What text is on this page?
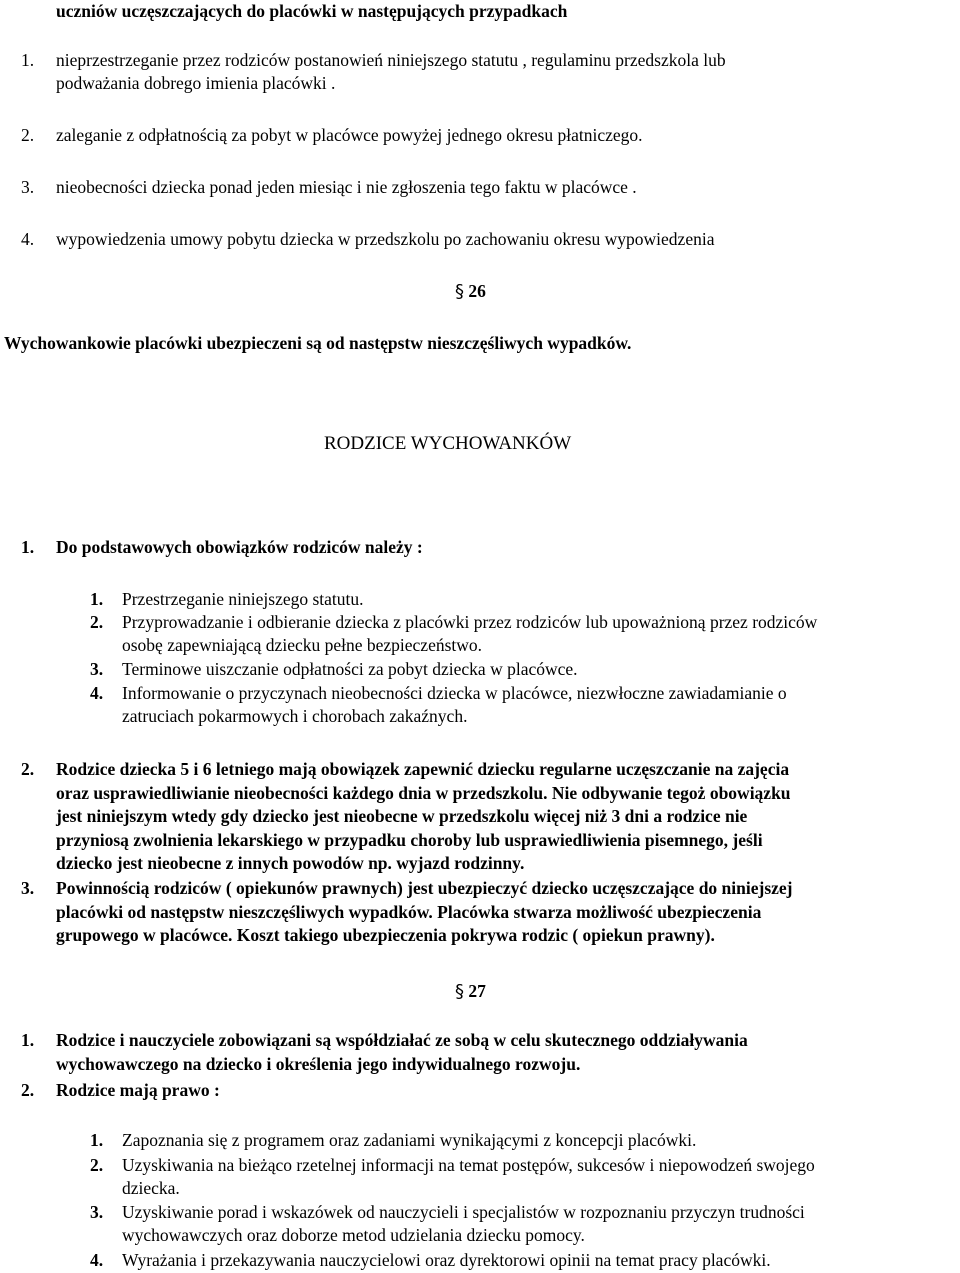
uczniów uczęszczających do placówki w następujących przypadkach
1. nieprzestrzeganie przez rodziców postanowień niniejszego statutu , regulaminu przedszkola lub
podważania dobrego imienia placówki .
2. zaleganie z odpłatnością za pobyt w placówce powyżej jednego okresu płatniczego.
3. nieobecności dziecka ponad jeden miesiąc i nie zgłoszenia tego faktu w placówce .
4. wypowiedzenia umowy pobytu dziecka w przedszkolu po zachowaniu okresu wypowiedzenia
§ 26
Wychowankowie placówki ubezpieczeni są od następstw nieszczęśliwych wypadków.
RODZICE WYCHOWANKÓW
1. Do podstawowych obowiązków rodziców należy :
1. Przestrzeganie niniejszego statutu.
2. Przyprowadzanie i odbieranie dziecka z placówki przez rodziców lub upoważnioną przez rodziców
osobę zapewniającą dziecku pełne bezpieczeństwo.
3. Terminowe uiszczanie odpłatności za pobyt dziecka w placówce.
4. Informowanie o przyczynach nieobecności dziecka w placówce, niezwłoczne zawiadamianie o
zatruciach pokarmowych i chorobach zakaźnych.
2. Rodzice dziecka 5 i 6 letniego mają obowiązek zapewnić dziecku regularne uczęszczanie na zajęcia
oraz usprawiedliwianie nieobecności każdego dnia w przedszkolu. Nie odbywanie tegoż obowiązku
jest niniejszym wtedy gdy dziecko jest nieobecne w przedszkolu więcej niż 3 dni a rodzice nie
przyniosą zwolnienia lekarskiego w przypadku choroby lub usprawiedliwienia pisemnego, jeśli
dziecko jest nieobecne z innych powodów np. wyjazd rodzinny.
3. Powinnością rodziców ( opiekunów prawnych) jest ubezpieczyć dziecko uczęszczające do niniejszej
placówki od następstw nieszczęśliwych wypadków. Placówka stwarza możliwość ubezpieczenia
grupowego w placówce. Koszt takiego ubezpieczenia pokrywa rodzic ( opiekun prawny).
§ 27
1. Rodzice i nauczyciele zobowiązani są współdziałać ze sobą w celu skutecznego oddziaływania
wychowawczego na dziecko i określenia jego indywidualnego rozwoju.
2. Rodzice mają prawo :
1. Zapoznania się z programem oraz zadaniami wynikającymi z koncepcji placówki.
2. Uzyskiwania na bieżąco rzetelnej informacji na temat postępów, sukcesów i niepowodzeń swojego
dziecka.
3. Uzyskiwanie porad i wskazówek od nauczycieli i specjalistów w rozpoznaniu przyczyn trudności
wychowawczych oraz doborze metod udzielania dziecku pomocy.
4. Wyrażania i przekazywania nauczycielowi oraz dyrektorowi opinii na temat pracy placówki.
